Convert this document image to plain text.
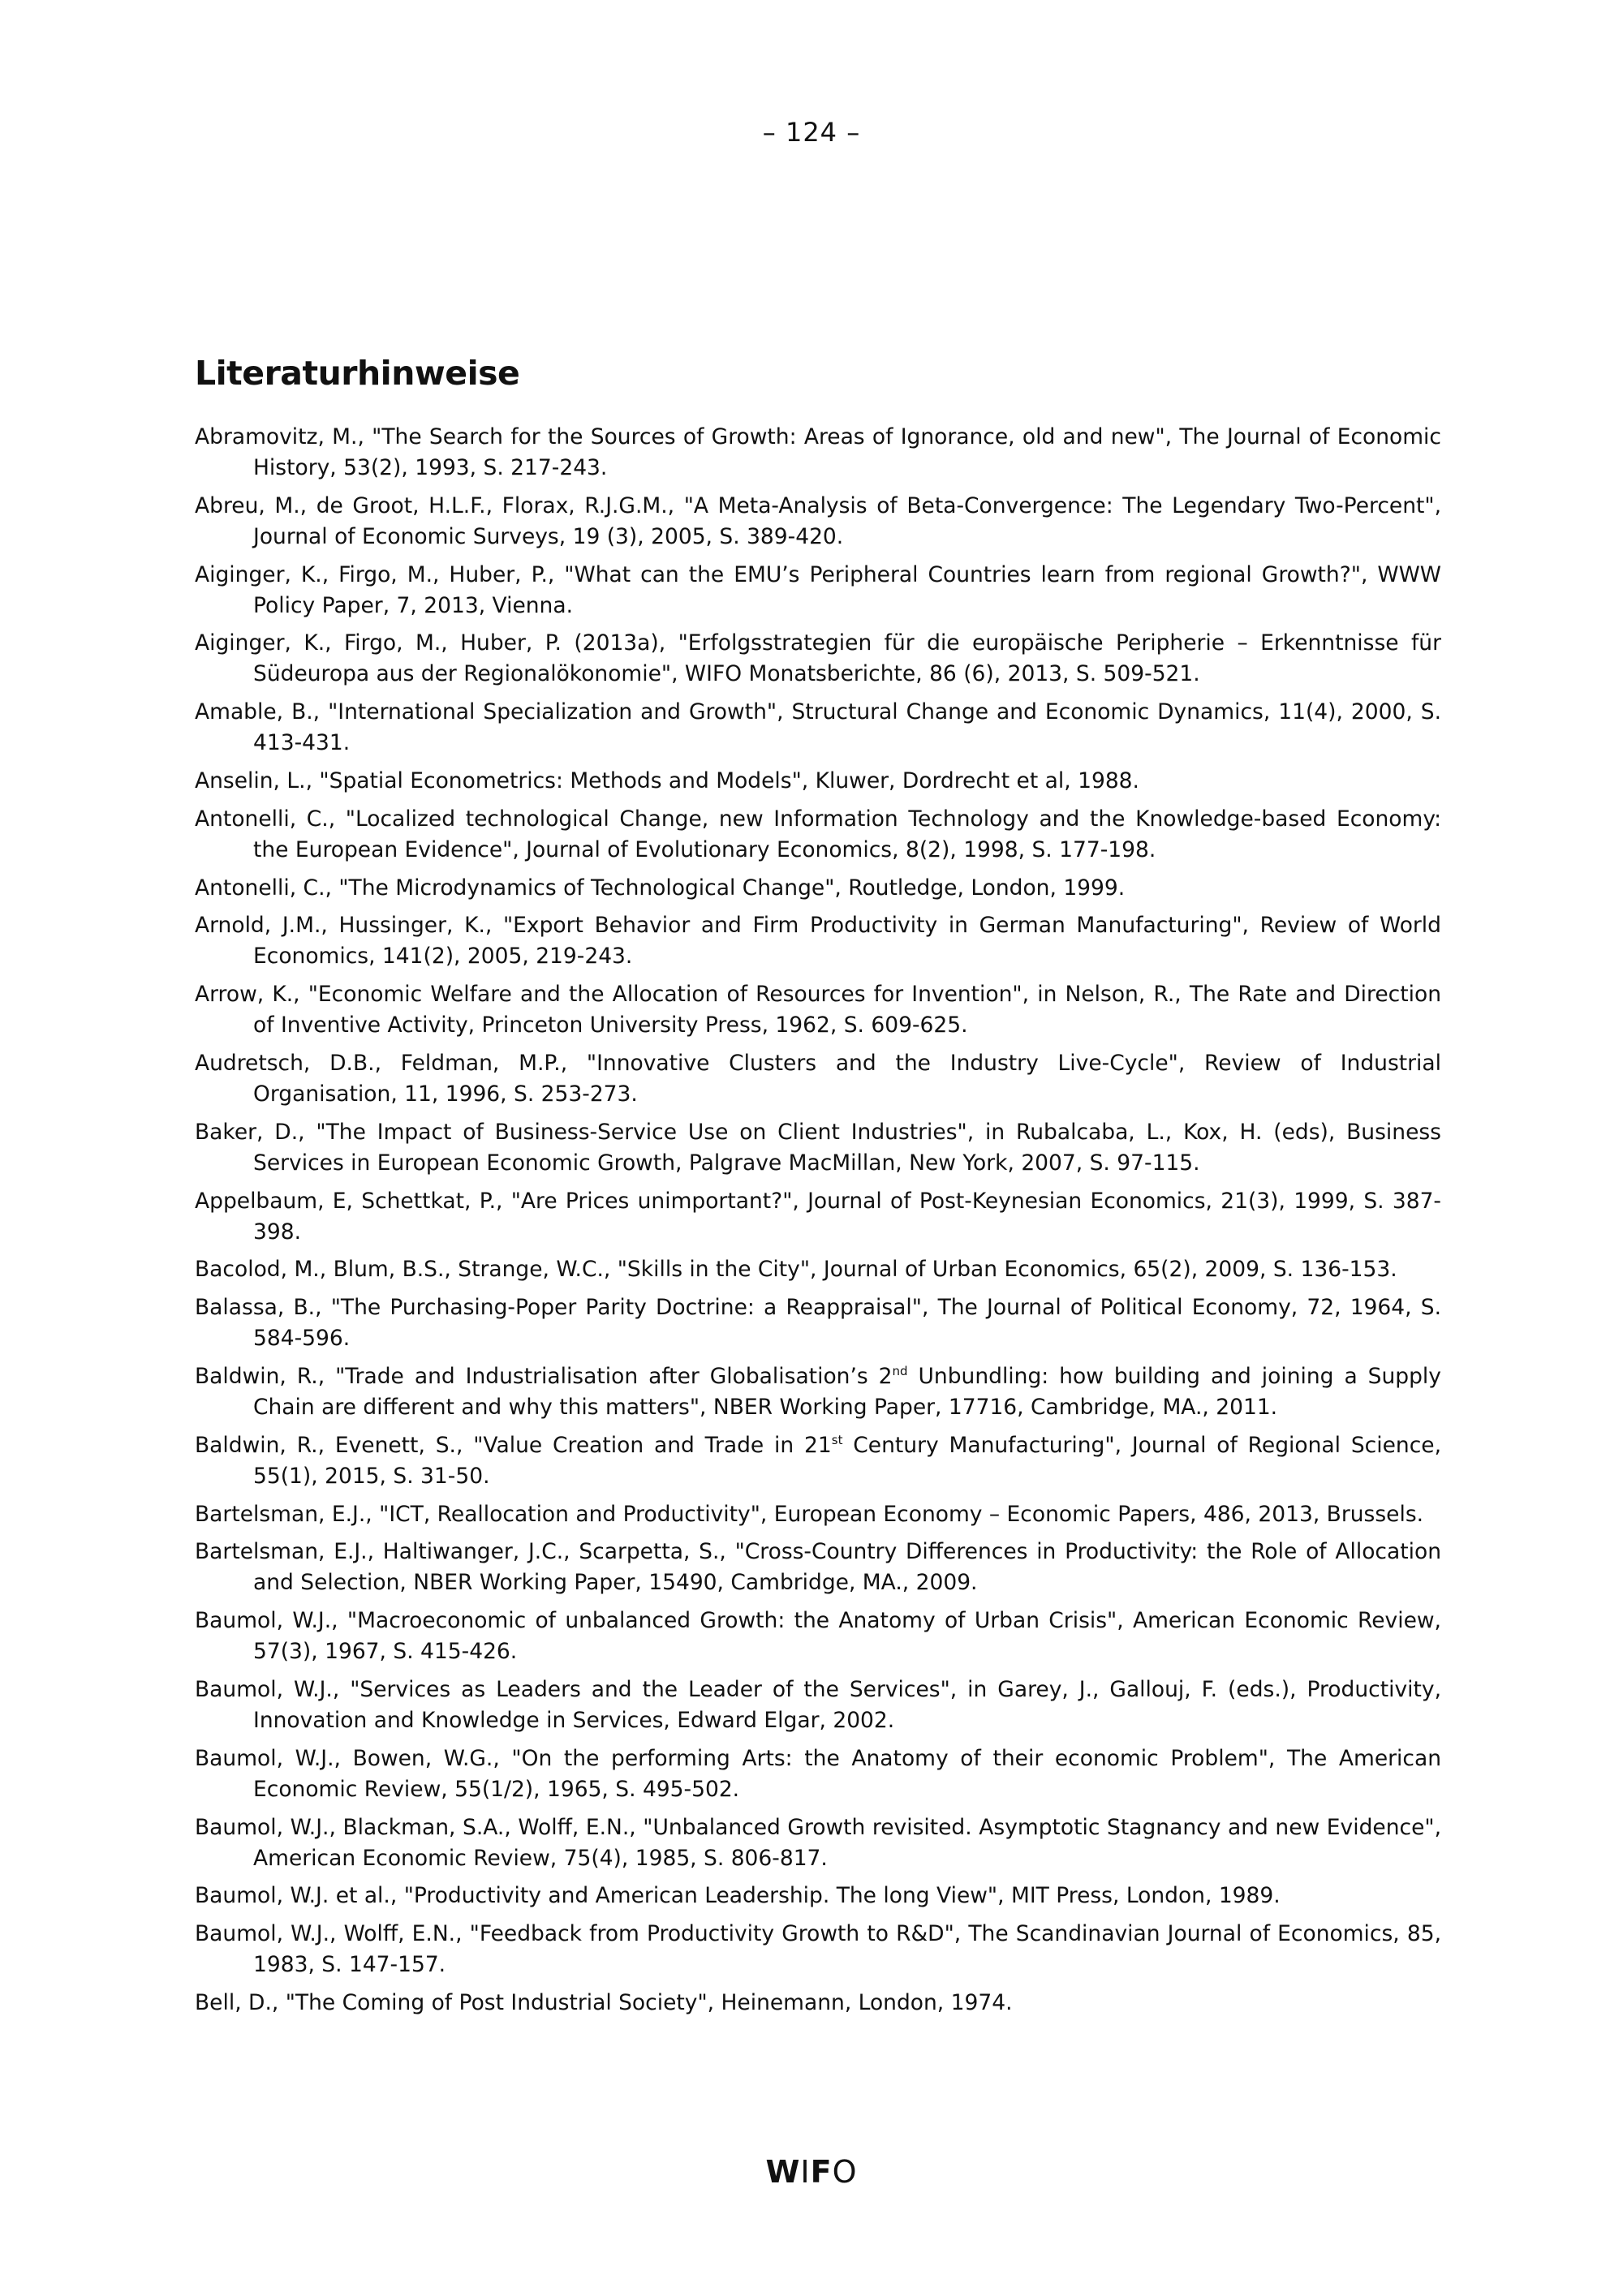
– 124 –
Literaturhinweise

Abramovitz, M., "The Search for the Sources of Growth: Areas of Ignorance, old and new", The Journal of Economic History, 53(2), 1993, S. 217-243.

Abreu, M., de Groot, H.L.F., Florax, R.J.G.M., "A Meta-Analysis of Beta-Convergence: The Legendary Two-Percent", Journal of Economic Surveys, 19 (3), 2005, S. 389-420.

Aiginger, K., Firgo, M., Huber, P., "What can the EMU’s Peripheral Countries learn from regional Growth?", WWW Policy Paper, 7, 2013, Vienna.

Aiginger, K., Firgo, M., Huber, P. (2013a), "Erfolgsstrategien für die europäische Peripherie – Erkenntnisse für Südeuropa aus der Regionalökonomie", WIFO Monatsberichte, 86 (6), 2013, S. 509-521.

Amable, B., "International Specialization and Growth", Structural Change and Economic Dynamics, 11(4), 2000, S. 413-431.

Anselin, L., "Spatial Econometrics: Methods and Models", Kluwer, Dordrecht et al, 1988.

Antonelli, C., "Localized technological Change, new Information Technology and the Knowledge-based Economy: the European Evidence", Journal of Evolutionary Economics, 8(2), 1998, S. 177-198.

Antonelli, C., "The Microdynamics of Technological Change", Routledge, London, 1999.

Arnold, J.M., Hussinger, K., "Export Behavior and Firm Productivity in German Manufacturing", Review of World Economics, 141(2), 2005, 219-243.

Arrow, K., "Economic Welfare and the Allocation of Resources for Invention", in Nelson, R., The Rate and Direction of Inventive Activity, Princeton University Press, 1962, S. 609-625.

Audretsch, D.B., Feldman, M.P., "Innovative Clusters and the Industry Live-Cycle", Review of Industrial Organisation, 11, 1996, S. 253-273.

Baker, D., "The Impact of Business-Service Use on Client Industries", in Rubalcaba, L., Kox, H. (eds), Business Services in European Economic Growth, Palgrave MacMillan, New York, 2007, S. 97-115.

Appelbaum, E, Schettkat, P., "Are Prices unimportant?", Journal of Post-Keynesian Economics, 21(3), 1999, S. 387-398.

Bacolod, M., Blum, B.S., Strange, W.C., "Skills in the City", Journal of Urban Economics, 65(2), 2009, S. 136-153.

Balassa, B., "The Purchasing-Poper Parity Doctrine: a Reappraisal", The Journal of Political Economy, 72, 1964, S. 584-596.

Baldwin, R., "Trade and Industrialisation after Globalisation’s 2nd Unbundling: how building and joining a Supply Chain are different and why this matters", NBER Working Paper, 17716, Cambridge, MA., 2011.

Baldwin, R., Evenett, S., "Value Creation and Trade in 21st Century Manufacturing", Journal of Regional Science, 55(1), 2015, S. 31-50.

Bartelsman, E.J., "ICT, Reallocation and Productivity", European Economy – Economic Papers, 486, 2013, Brussels.

Bartelsman, E.J., Haltiwanger, J.C., Scarpetta, S., "Cross-Country Differences in Productivity: the Role of Allocation and Selection, NBER Working Paper, 15490, Cambridge, MA., 2009.

Baumol, W.J., "Macroeconomic of unbalanced Growth: the Anatomy of Urban Crisis", American Economic Review, 57(3), 1967, S. 415-426.

Baumol, W.J., "Services as Leaders and the Leader of the Services", in Garey, J., Gallouj, F. (eds.), Productivity, Innovation and Knowledge in Services, Edward Elgar, 2002.

Baumol, W.J., Bowen, W.G., "On the performing Arts: the Anatomy of their economic Problem", The American Economic Review, 55(1/2), 1965, S. 495-502.

Baumol, W.J., Blackman, S.A., Wolff, E.N., "Unbalanced Growth revisited. Asymptotic Stagnancy and new Evidence", American Economic Review, 75(4), 1985, S. 806-817.

Baumol, W.J. et al., "Productivity and American Leadership. The long View", MIT Press, London, 1989.

Baumol, W.J., Wolff, E.N., "Feedback from Productivity Growth to R&D", The Scandinavian Journal of Economics, 85, 1983, S. 147-157.

Bell, D., "The Coming of Post Industrial Society", Heinemann, London, 1974.

WIFO
